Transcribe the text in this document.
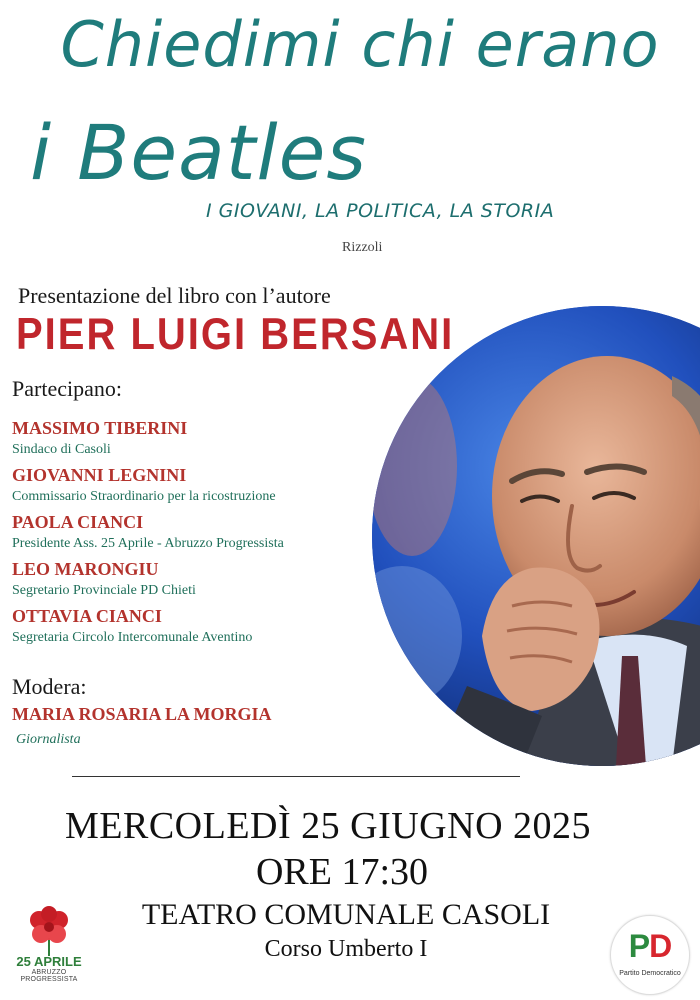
Chiedimi chi erano
i Beatles
I GIOVANI, LA POLITICA, LA STORIA
Rizzoli
Presentazione del libro con l’autore
PIER LUIGI BERSANI
Partecipano:
MASSIMO TIBERINI
Sindaco di Casoli
GIOVANNI LEGNINI
Commissario Straordinario per la ricostruzione
PAOLA CIANCI
Presidente Ass. 25 Aprile - Abruzzo Progressista
LEO MARONGIU
Segretario Provinciale PD Chieti
OTTAVIA CIANCI
Segretaria Circolo Intercomunale Aventino
Modera:
MARIA ROSARIA LA MORGIA
Giornalista
MERCOLEDÌ 25 GIUGNO 2025
ORE 17:30
TEATRO COMUNALE CASOLI
Corso Umberto I
25 APRILE
ABRUZZO PROGRESSISTA
PD
Partito Democratico
